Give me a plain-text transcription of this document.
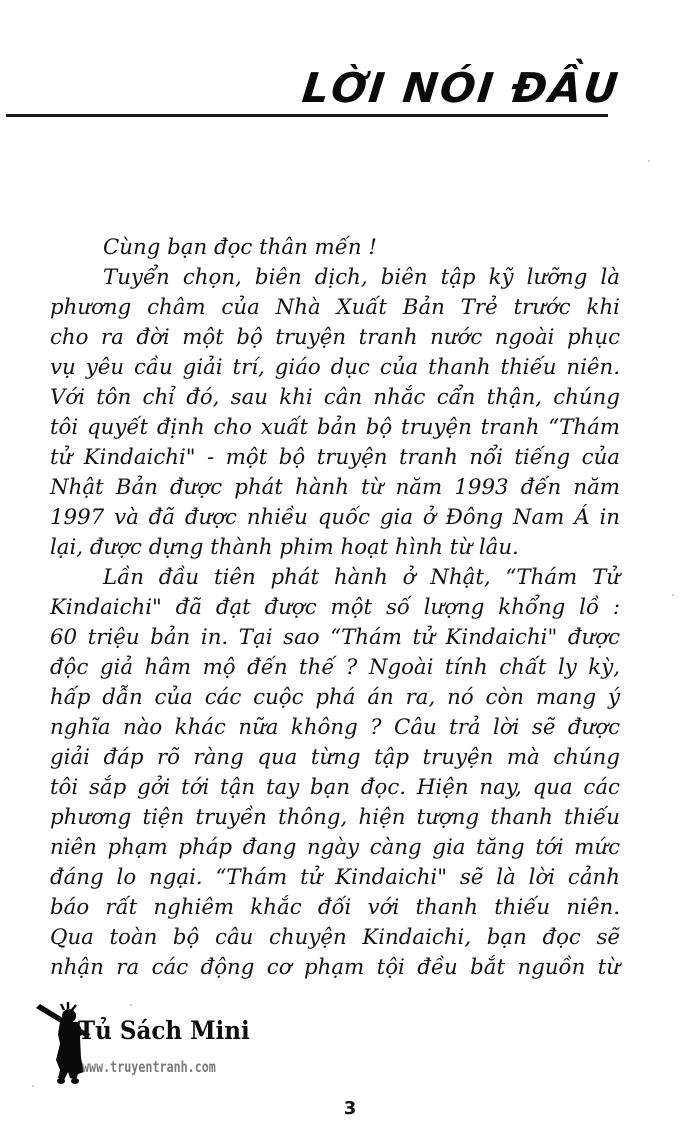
LỜI NÓI ĐẦU
Cùng bạn đọc thân mến !
Tuyển chọn, biên dịch, biên tập kỹ lưỡng là
phương châm của Nhà Xuất Bản Trẻ trước khi
cho ra đời một bộ truyện tranh nước ngoài phục
vụ yêu cầu giải trí, giáo dục của thanh thiếu niên.
Với tôn chỉ đó, sau khi cân nhắc cẩn thận, chúng
tôi quyết định cho xuất bản bộ truyện tranh “Thám
tử Kindaichi" - một bộ truyện tranh nổi tiếng của
Nhật Bản được phát hành từ năm 1993 đến năm
1997 và đã được nhiều quốc gia ở Đông Nam Á in
lại, được dựng thành phim hoạt hình từ lâu.
Lần đầu tiên phát hành ở Nhật, “Thám Tử
Kindaichi" đã đạt được một số lượng khổng lồ :
60 triệu bản in. Tại sao “Thám tử Kindaichi" được
độc giả hâm mộ đến thế ? Ngoài tính chất ly kỳ,
hấp dẫn của các cuộc phá án ra, nó còn mang ý
nghĩa nào khác nữa không ? Câu trả lời sẽ được
giải đáp rõ ràng qua từng tập truyện mà chúng
tôi sắp gởi tới tận tay bạn đọc. Hiện nay, qua các
phương tiện truyền thông, hiện tượng thanh thiếu
niên phạm pháp đang ngày càng gia tăng tới mức
đáng lo ngại. “Thám tử Kindaichi" sẽ là lời cảnh
báo rất nghiêm khắc đối với thanh thiếu niên.
Qua toàn bộ câu chuyện Kindaichi, bạn đọc sẽ
nhận ra các động cơ phạm tội đều bắt nguồn từ
Tủ Sách Mini
www.truyentranh.com
3
